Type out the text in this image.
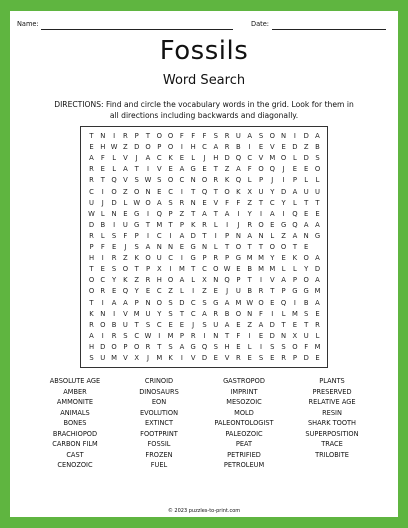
Name:	Date:
Fossils
Word Search
DIRECTIONS: Find and circle the vocabulary words in the grid. Look for them in all directions including backwards and diagonally.
T N	I	R	P	T O O F	F	F	S R U A	S O N	I	D A
E H W Z D O P O	I	H C A R B	I	E	V	E D Z B
A	F	L	V	J	A C K	E	L	J	H D Q C V M O L D S
R E	L	A	T	I	V	E	A G E	T	Z A	F O Q	J	E	E O
R	T Q V S W S O C N O R K Q L	P	J	I	P	L	L
C	I	O Z O N E C	I	T Q T O K X U Y D A U U
U	J	D L W O A S R N E	V	F	F	Z	T	C	Y	L	T	T
W L	N E G	I	Q P	Z	T	A	T	A	I	Y	I	A	I	Q E	E
D B	I	U G T M T	P	K R	L	I	J	R O E G Q A A
R	L	S	F	P	I	C	I	A D T	I	P N A N	L	Z A N G
P	F	E	J	S	A N N E G N	L	T O T	T O O T	E
H	I	R Z K O U C	I	G P	R	P G M M Y	E	K O A
T	E	S O T	P	X	I	M T	C O W E	B M M L	L	Y D
O C	Y	K Z R H O A	L	X N Q P	T	I	V A	P O A
O R E Q Y	E C Z	L	I	Z	E	J	U B R	T	P G G M
T	I	A A	P N O S D C S G A M W O E Q	I	B A
K N	I	V M U Y	S	T	C A R B O N F	I	L M S	E
R O B U T	S C E	E	J	S U A	E	Z A D T	E	T	R
A	I	R S C W	I	M P	R	I	N T	F	I	E D N X U	L
H D O P O R	T	S	A G Q S H E	L	I	S	S O F M
S U M V X	J	M K	I	V D E	V R E	S	E R	P D E
ABSOLUTE AGE
AMBER
AMMONITE
ANIMALS
BONES
BRACHIOPOD
CARBON FILM
CAST
CENOZOIC
CRINOID
DINOSAURS
EON
EVOLUTION
EXTINCT
FOOTPRINT
FOSSIL
FROZEN
FUEL
GASTROPOD
IMPRINT
MESOZOIC
MOLD
PALEONTOLOGIST
PALEOZOIC
PEAT
PETRIFIED
PETROLEUM
PLANTS
PRESERVED
RELATIVE AGE
RESIN
SHARK TOOTH
SUPERPOSITION
TRACE
TRILOBITE
© 2023 puzzles-to-print.com
